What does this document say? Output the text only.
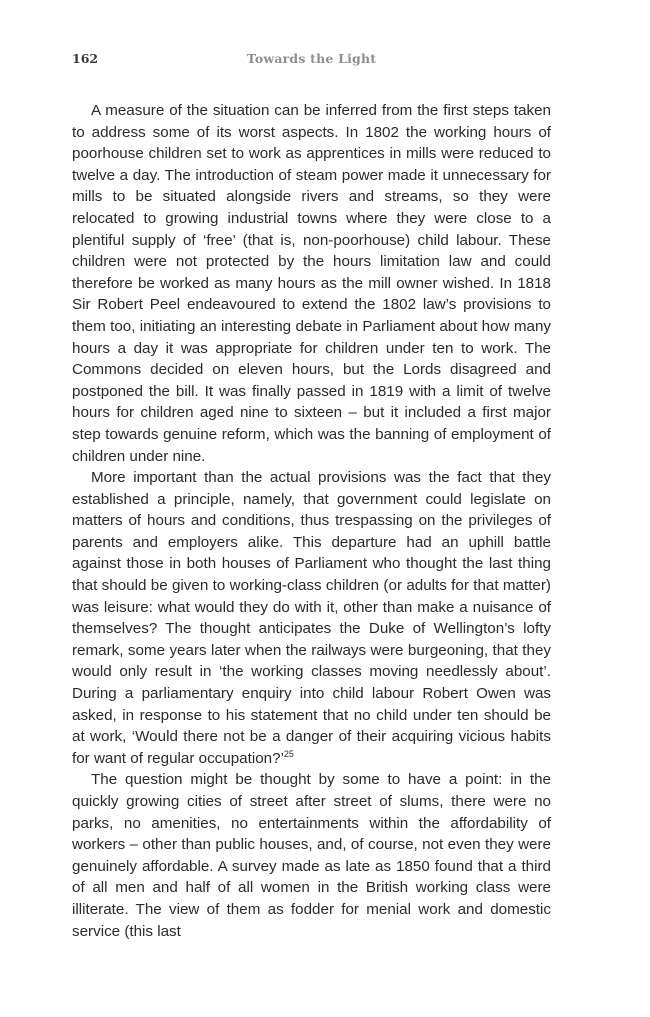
162	Towards the Light

A measure of the situation can be inferred from the first steps taken to address some of its worst aspects. In 1802 the working hours of poorhouse children set to work as apprentices in mills were reduced to twelve a day. The introduction of steam power made it unnecessary for mills to be situated alongside rivers and streams, so they were relocated to growing industrial towns where they were close to a plentiful supply of ‘free’ (that is, non-poorhouse) child labour. These children were not protected by the hours limitation law and could therefore be worked as many hours as the mill owner wished. In 1818 Sir Robert Peel endeavoured to extend the 1802 law’s provisions to them too, initiating an interesting debate in Parliament about how many hours a day it was appropriate for children under ten to work. The Commons decided on eleven hours, but the Lords disagreed and postponed the bill. It was finally passed in 1819 with a limit of twelve hours for children aged nine to sixteen – but it included a first major step towards genuine reform, which was the banning of employment of children under nine.

More important than the actual provisions was the fact that they established a principle, namely, that government could legislate on matters of hours and conditions, thus trespassing on the privileges of parents and employers alike. This departure had an uphill battle against those in both houses of Parliament who thought the last thing that should be given to working-class children (or adults for that matter) was leisure: what would they do with it, other than make a nuisance of themselves? The thought anticipates the Duke of Wellington’s lofty remark, some years later when the railways were burgeoning, that they would only result in ‘the working classes moving needlessly about’. During a parliamentary enquiry into child labour Robert Owen was asked, in response to his statement that no child under ten should be at work, ‘Would there not be a danger of their acquiring vicious habits for want of regular occupation?’$^{25}$

The question might be thought by some to have a point: in the quickly growing cities of street after street of slums, there were no parks, no amenities, no entertainments within the affordability of workers – other than public houses, and, of course, not even they were genuinely affordable. A survey made as late as 1850 found that a third of all men and half of all women in the British working class were illiterate. The view of them as fodder for menial work and domestic service (this last
